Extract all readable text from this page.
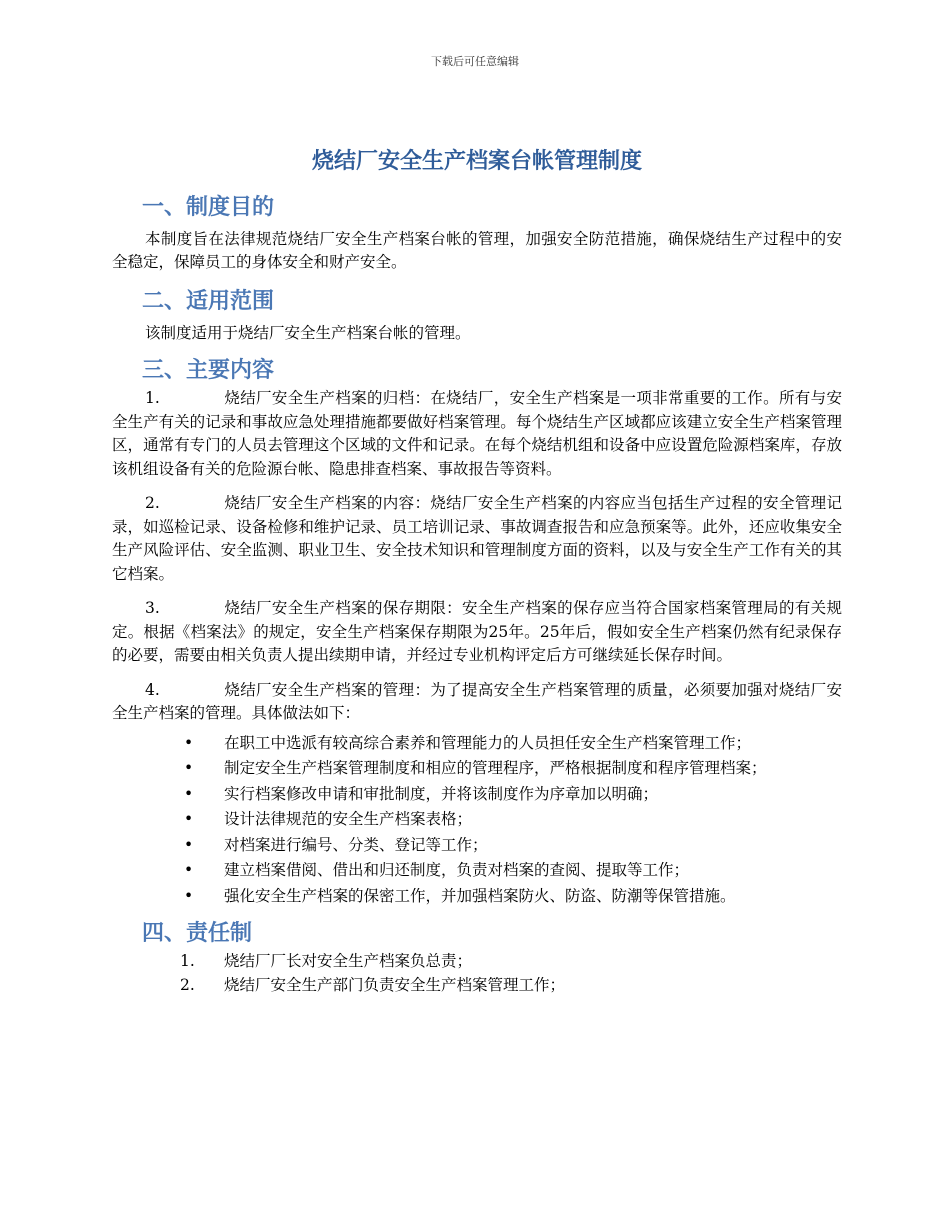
下载后可任意编辑
烧结厂安全生产档案台帐管理制度
一、制度目的

本制度旨在法律规范烧结厂安全生产档案台帐的管理，加强安全防范措施，确保烧结生产过程中的安全稳定，保障员工的身体安全和财产安全。

二、适用范围

该制度适用于烧结厂安全生产档案台帐的管理。

三、主要内容
1.	烧结厂安全生产档案的归档：在烧结厂，安全生产档案是一项非常重要的工作。所有与安全生产有关的记录和事故应急处理措施都要做好档案管理。每个烧结生产区域都应该建立安全生产档案管理区，通常有专门的人员去管理这个区域的文件和记录。在每个烧结机组和设备中应设置危险源档案库，存放该机组设备有关的危险源台帐、隐患排查档案、事故报告等资料。
2.	烧结厂安全生产档案的内容：烧结厂安全生产档案的内容应当包括生产过程的安全管理记录，如巡检记录、设备检修和维护记录、员工培训记录、事故调查报告和应急预案等。此外，还应收集安全生产风险评估、安全监测、职业卫生、安全技术知识和管理制度方面的资料，以及与安全生产工作有关的其它档案。
3.	烧结厂安全生产档案的保存期限：安全生产档案的保存应当符合国家档案管理局的有关规定。根据《档案法》的规定，安全生产档案保存期限为25年。25年后，假如安全生产档案仍然有纪录保存的必要，需要由相关负责人提出续期申请，并经过专业机构评定后方可继续延长保存时间。
4.	烧结厂安全生产档案的管理：为了提高安全生产档案管理的质量，必须要加强对烧结厂安全生产档案的管理。具体做法如下：
• 在职工中选派有较高综合素养和管理能力的人员担任安全生产档案管理工作；
• 制定安全生产档案管理制度和相应的管理程序，严格根据制度和程序管理档案；
• 实行档案修改申请和审批制度，并将该制度作为序章加以明确；
• 设计法律规范的安全生产档案表格；
• 对档案进行编号、分类、登记等工作；
• 建立档案借阅、借出和归还制度，负责对档案的查阅、提取等工作；
• 强化安全生产档案的保密工作，并加强档案防火、防盗、防潮等保管措施。
四、责任制
1. 烧结厂厂长对安全生产档案负总责；
2. 烧结厂安全生产部门负责安全生产档案管理工作；
